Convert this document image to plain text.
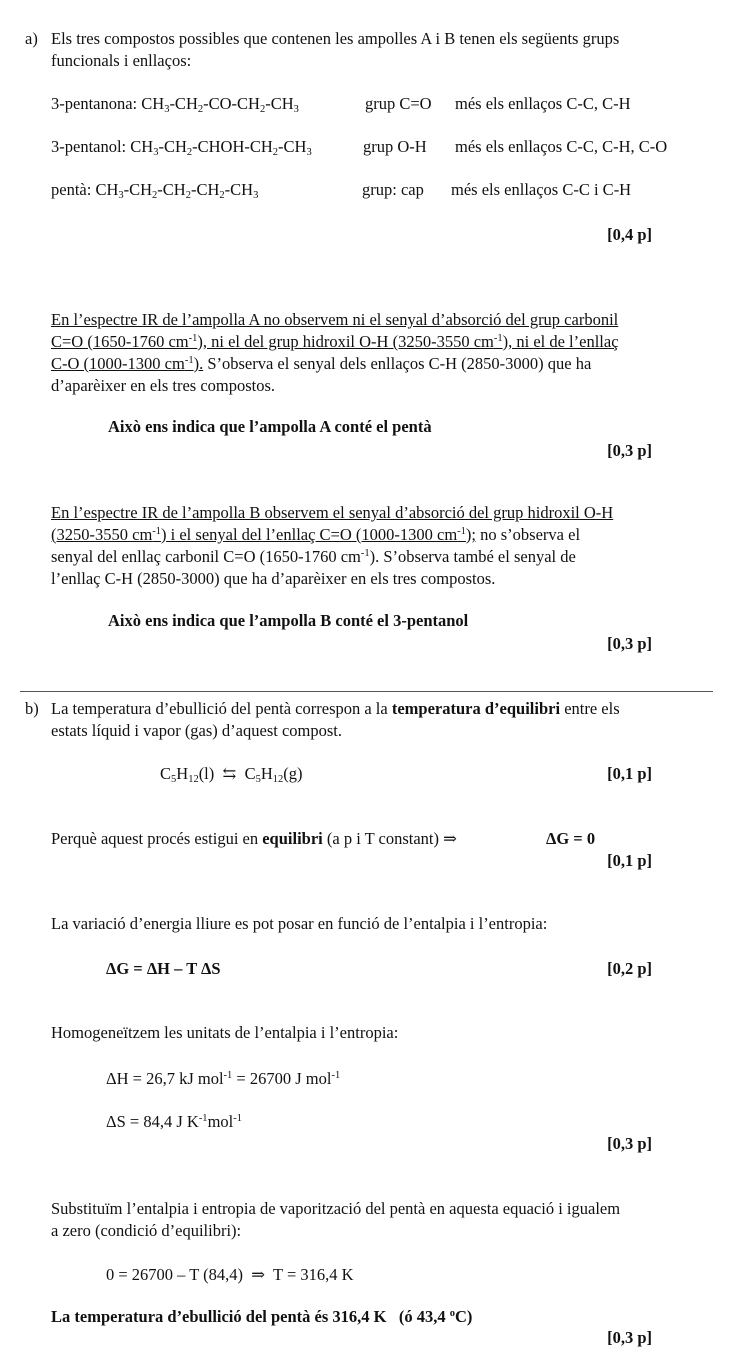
a) Els tres compostos possibles que contenen les ampolles A i B tenen els següents grups
funcionals i enllaços:
3-pentanona: $CH_3-CH_2-CO-CH_2-CH_3$	grup C=O més els enllaços C-C, C-H
3-pentanol: $CH_3-CH_2-CHOH-CH_2-CH_3$	grup O-H més els enllaços C-C, C-H, C-O
pentà: $CH_3-CH_2-CH_2-CH_2-CH_3$	grup: cap més els enllaços C-C i C-H
[0,4 p]
En l’espectre IR de l’ampolla A no observem ni el senyal d’absorció del grup carbonil
C=O (1650-1760 $cm^{-1}$), ni el del grup hidroxil O-H (3250-3550 $cm^{-1}$), ni el de l’enllaç
C-O (1000-1300 $cm^{-1}$). S’observa el senyal dels enllaços C-H (2850-3000) que ha
d’aparèixer en els tres compostos.
Això ens indica que l’ampolla A conté el pentà
[0,3 p]
En l’espectre IR de l’ampolla B observem el senyal d’absorció del grup hidroxil O-H
(3250-3550 $cm^{-1}$) i el senyal del l’enllaç C=O (1000-1300 $cm^{-1}$); no s’observa el
senyal del enllaç carbonil C=O (1650-1760 $cm^{-1}$). S’observa també el senyal de
l’enllaç C-H (2850-3000) que ha d’aparèixer en els tres compostos.
Això ens indica que l’ampolla B conté el 3-pentanol
[0,3 p]
b) La temperatura d’ebullició del pentà correspon a la temperatura d’equilibri entre els
estats líquid i vapor (gas) d’aquest compost.
$C_5H_{12}(l)$  ⇆  $C_5H_{12}(g)$	[0,1 p]
Perquè aquest procés estigui en equilibri (a p i T constant) ⇒	ΔG = 0
[0,1 p]
La variació d’energia lliure es pot posar en funció de l’entalpia i l’entropia:
ΔG = ΔH – T ΔS	[0,2 p]
Homogeneïtzem les unitats de l’entalpia i l’entropia:
ΔH = 26,7 kJ mol$^{-1}$ = 26700 J mol$^{-1}$
ΔS = 84,4 J $K^{-1}mol^{-1}$
[0,3 p]
Substituïm l’entalpia i entropia de vaporització del pentà en aquesta equació i igualem
a zero (condició d’equilibri):
0 = 26700 – T (84,4)  ⇒  T = 316,4 K
La temperatura d’ebullició del pentà és 316,4 K   (ó 43,4 $^o$C)
[0,3 p]
